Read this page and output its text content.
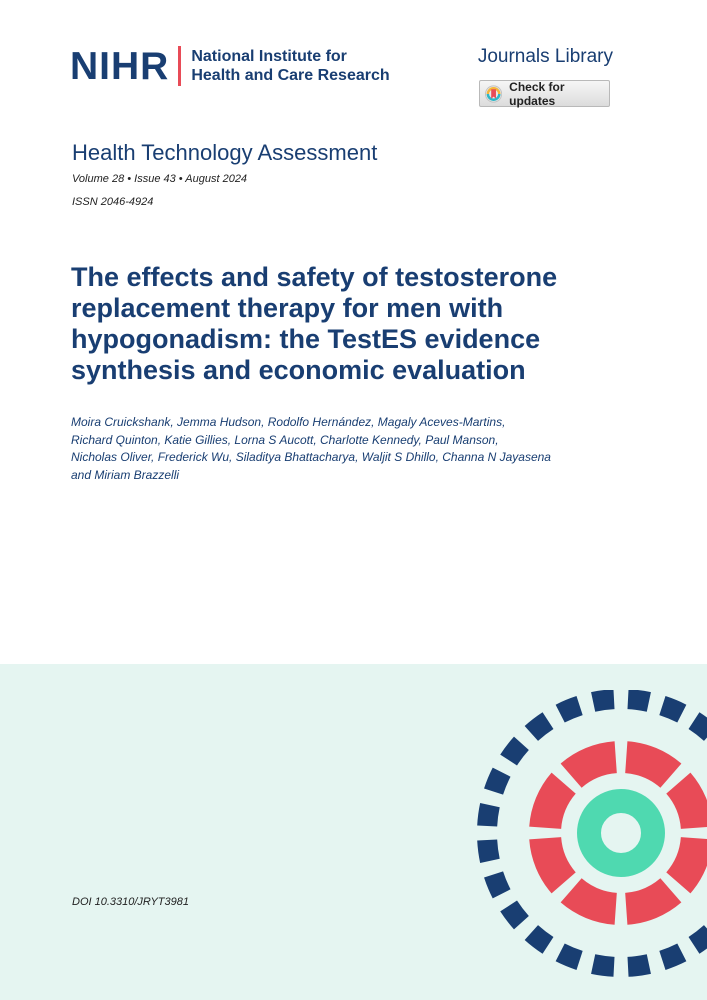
NIHR National Institute for
Health and Care Research
Journals Library
Check for updates
Health Technology Assessment
Volume 28 • Issue 43 • August 2024
ISSN 2046-4924
The effects and safety of testosterone
replacement therapy for men with
hypogonadism: the TestES evidence
synthesis and economic evaluation

Moira Cruickshank, Jemma Hudson, Rodolfo Hernández, Magaly Aceves-Martins,
Richard Quinton, Katie Gillies, Lorna S Aucott, Charlotte Kennedy, Paul Manson,
Nicholas Oliver, Frederick Wu, Siladitya Bhattacharya, Waljit S Dhillo, Channa N Jayasena
and Miriam Brazzelli

DOI 10.3310/JRYT3981
